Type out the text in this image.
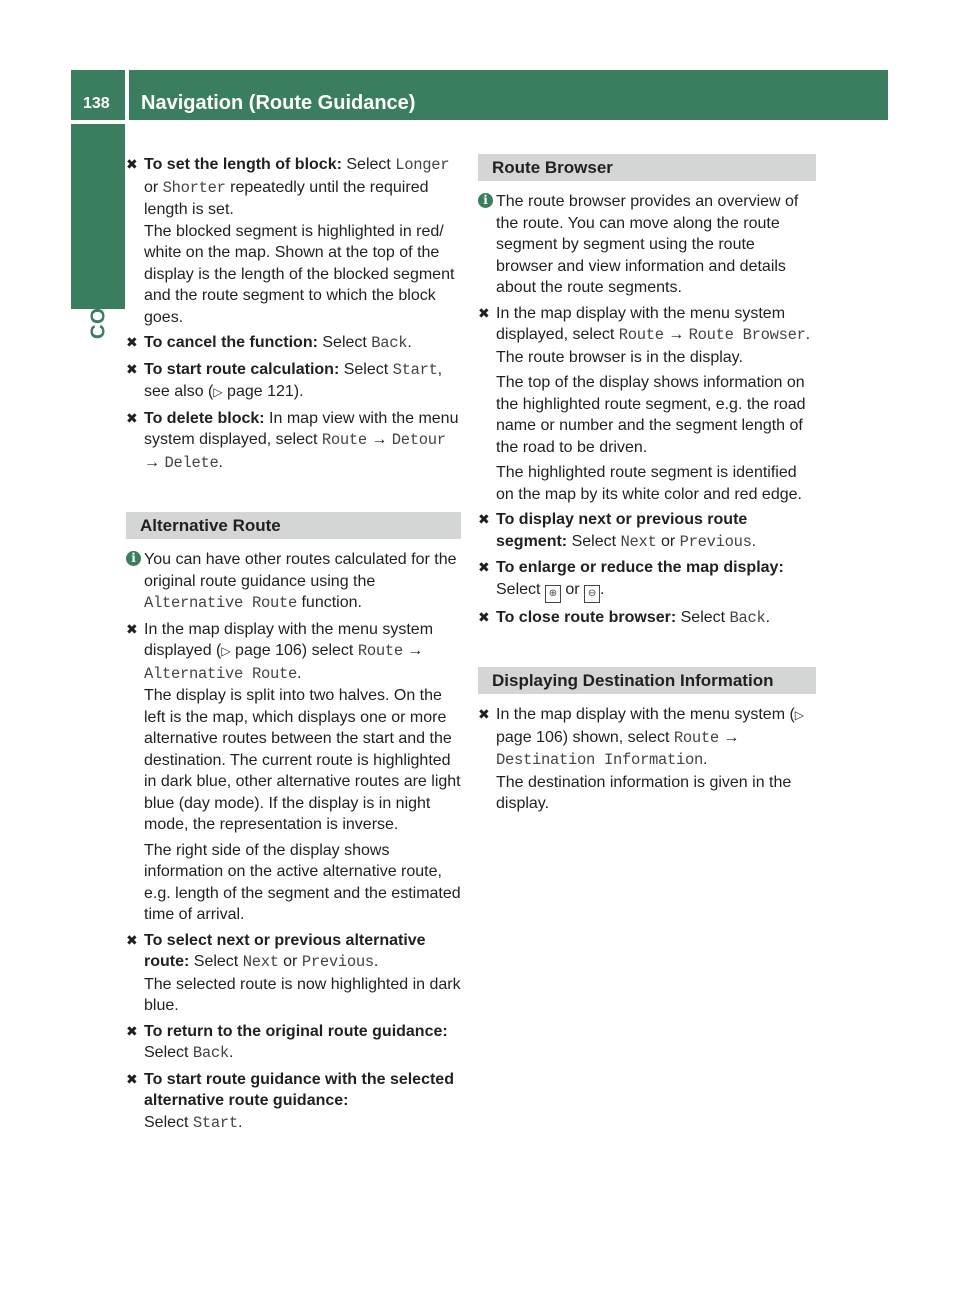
138 Navigation (Route Guidance)
COMAND APS
✖ To set the length of block: Select Longer or Shorter repeatedly until the required length is set.
The blocked segment is highlighted in red/ white on the map. Shown at the top of the display is the length of the blocked segment and the route segment to which the block goes.

✖ To cancel the function: Select Back.

✖ To start route calculation: Select Start, see also (▷ page 121).

✖ To delete block: In map view with the menu system displayed, select Route → Detour → Delete.

Alternative Route
i You can have other routes calculated for the original route guidance using the Alternative Route function.

✖ In the map display with the menu system displayed (▷ page 106) select Route → Alternative Route.
The display is split into two halves. On the left is the map, which displays one or more alternative routes between the start and the destination. The current route is highlighted in dark blue, other alternative routes are light blue (day mode). If the display is in night mode, the representation is inverse.

The right side of the display shows information on the active alternative route, e.g. length of the segment and the estimated time of arrival.

✖ To select next or previous alternative route: Select Next or Previous.
The selected route is now highlighted in dark blue.

✖ To return to the original route guidance:
Select Back.

✖ To start route guidance with the selected alternative route guidance:
Select Start.

Route Browser
i The route browser provides an overview of the route. You can move along the route segment by segment using the route browser and view information and details about the route segments.

✖ In the map display with the menu system displayed, select Route → Route Browser.
The route browser is in the display.

The top of the display shows information on the highlighted route segment, e.g. the road name or number and the segment length of the road to be driven.

The highlighted route segment is identified on the map by its white color and red edge.

✖ To display next or previous route segment: Select Next or Previous.

✖ To enlarge or reduce the map display:
Select ⊕ or ⊖ .

✖ To close route browser: Select Back.

Displaying Destination Information
✖ In the map display with the menu system (▷ page 106) shown, select Route → Destination Information.
The destination information is given in the display.
